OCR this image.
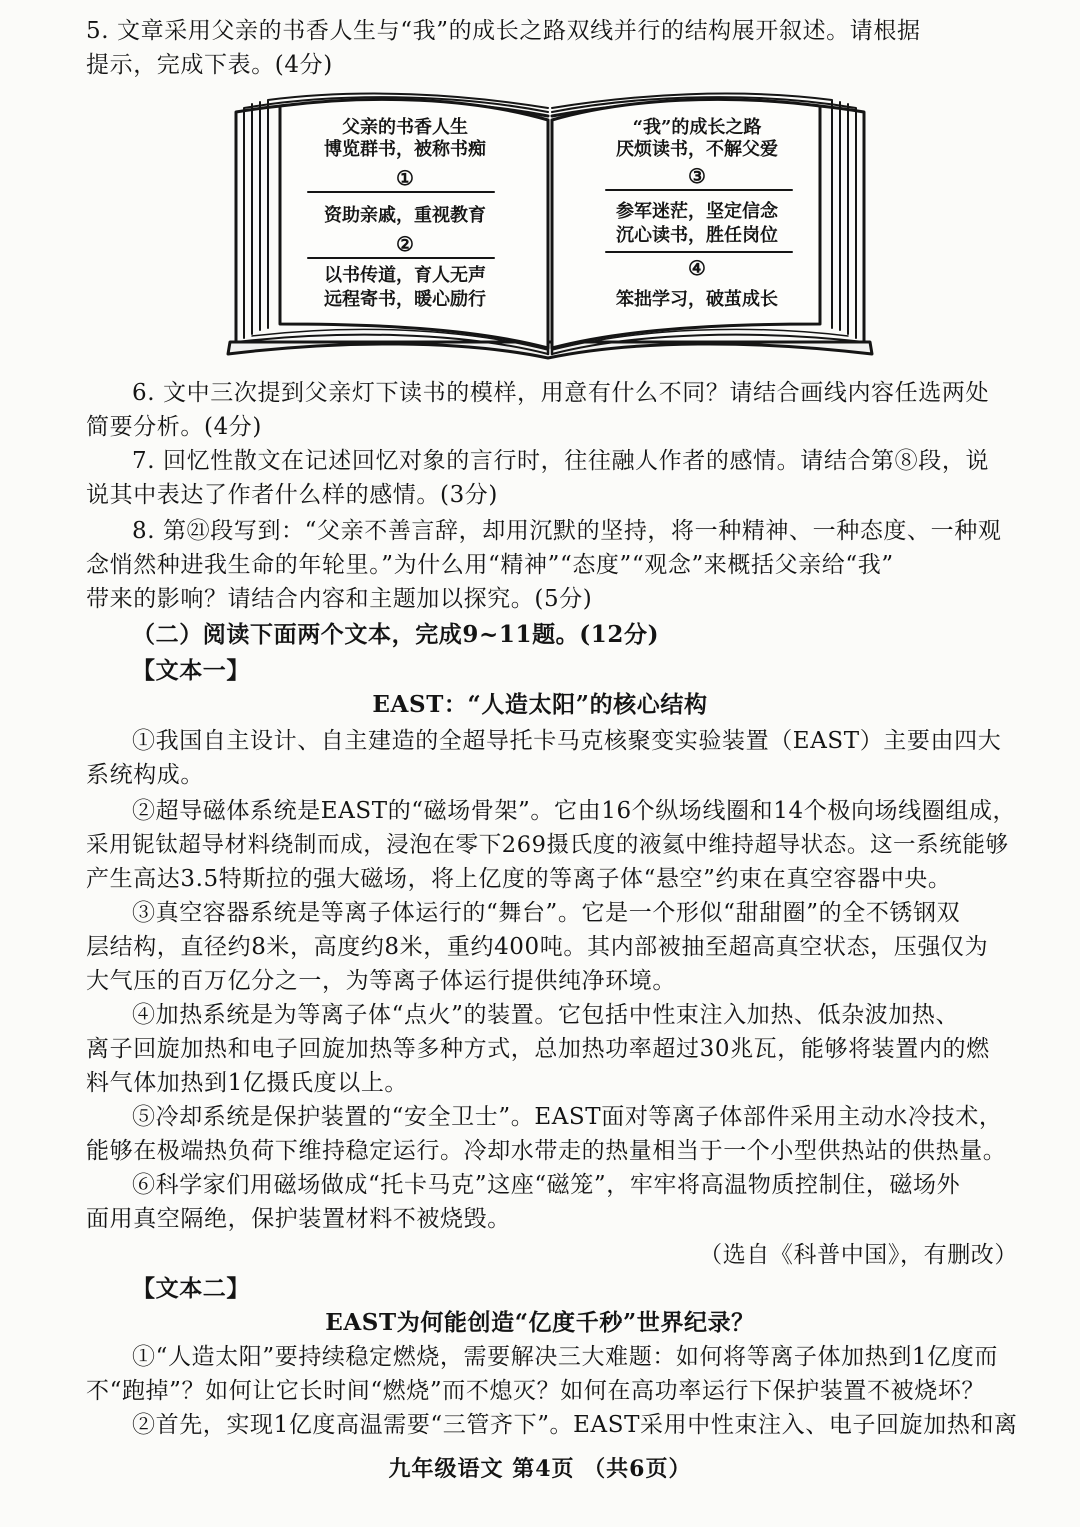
5. 文章采用父亲的书香人生与“我”的成长之路双线并行的结构展开叙述。请根据
提示，完成下表。(4分)
父亲的书香人生
博览群书，被称书痴
①
资助亲戚，重视教育
②
以书传道，育人无声
远程寄书，暖心励行
“我”的成长之路
厌烦读书，不解父爱
③
参军迷茫，坚定信念
沉心读书，胜任岗位
④
笨拙学习，破茧成长
6. 文中三次提到父亲灯下读书的模样，用意有什么不同？请结合画线内容任选两处
简要分析。(4分)
7. 回忆性散文在记述回忆对象的言行时，往往融人作者的感情。请结合第⑧段，说
说其中表达了作者什么样的感情。(3分)
8. 第㉑段写到：“父亲不善言辞，却用沉默的坚持，将一种精神、一种态度、一种观
念悄然种进我生命的年轮里。”为什么用“精神”“态度”“观念”来概括父亲给“我”
带来的影响？请结合内容和主题加以探究。(5分)
（二）阅读下面两个文本，完成9~11题。(12分)
【文本一】
EAST：“人造太阳”的核心结构
①我国自主设计、自主建造的全超导托卡马克核聚变实验装置（EAST）主要由四大
系统构成。
②超导磁体系统是EAST的“磁场骨架”。它由16个纵场线圈和14个极向场线圈组成，
采用铌钛超导材料绕制而成，浸泡在零下269摄氏度的液氦中维持超导状态。这一系统能够
产生高达3.5特斯拉的强大磁场，将上亿度的等离子体“悬空”约束在真空容器中央。
③真空容器系统是等离子体运行的“舞台”。它是一个形似“甜甜圈”的全不锈钢双
层结构，直径约8米，高度约8米，重约400吨。其内部被抽至超高真空状态，压强仅为
大气压的百万亿分之一，为等离子体运行提供纯净环境。
④加热系统是为等离子体“点火”的装置。它包括中性束注入加热、低杂波加热、
离子回旋加热和电子回旋加热等多种方式，总加热功率超过30兆瓦，能够将装置内的燃
料气体加热到1亿摄氏度以上。
⑤冷却系统是保护装置的“安全卫士”。EAST面对等离子体部件采用主动水冷技术，
能够在极端热负荷下维持稳定运行。冷却水带走的热量相当于一个小型供热站的供热量。
⑥科学家们用磁场做成“托卡马克”这座“磁笼”，牢牢将高温物质控制住，磁场外
面用真空隔绝，保护装置材料不被烧毁。
（选自《科普中国》，有删改）
【文本二】
EAST为何能创造“亿度千秒”世界纪录？
①“人造太阳”要持续稳定燃烧，需要解决三大难题：如何将等离子体加热到1亿度而
不“跑掉”？如何让它长时间“燃烧”而不熄灭？如何在高功率运行下保护装置不被烧坏？
②首先，实现1亿度高温需要“三管齐下”。EAST采用中性束注入、电子回旋加热和离
九年级语文 第4页 （共6页）
